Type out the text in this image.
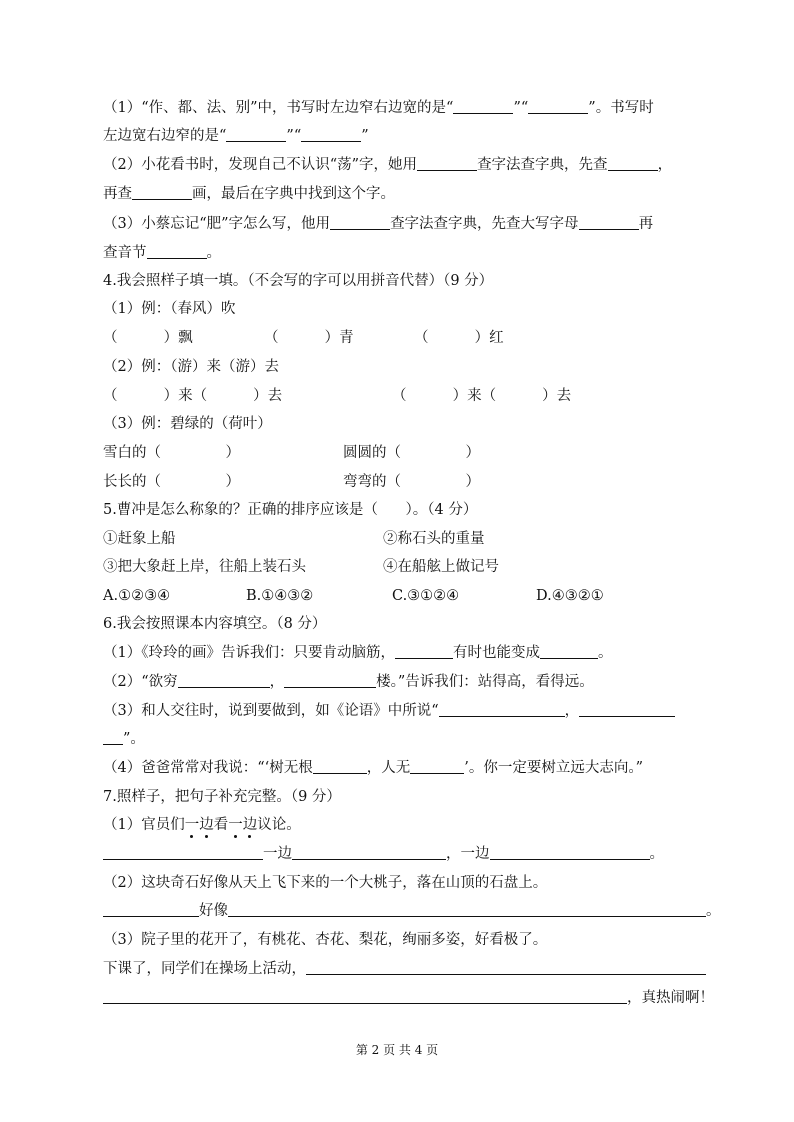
（1）“作、都、法、别”中，书写时左边窄右边宽的是“	”“	”。书写时
左边宽右边窄的是“	”“	”
（2）小花看书时，发现自己不认识“荡”字，她用	查字法查字典，先查	，
再查	画，最后在字典中找到这个字。
（3）小蔡忘记“肥”字怎么写，他用	查字法查字典，先查大写字母	再
查音节	。
4.我会照样子填一填。（不会写的字可以用拼音代替）（9 分）
（1）例：（春风）吹
（          ）飘	（          ）青	（          ）红
（2）例：（游）来（游）去
（          ）来（          ）去	（          ）来（          ）去
（3）例：碧绿的（荷叶）
雪白的（              ）	圆圆的（              ）
长长的（              ）	弯弯的（              ）
5.曹冲是怎么称象的？正确的排序应该是（      ）。（4 分）
①赶象上船	②称石头的重量
③把大象赶上岸，往船上装石头	④在船舷上做记号
A.①②③④	B.①④③②	C.③①②④	D.④③②①
6.我会按照课本内容填空。（8 分）
（1）《玲玲的画》告诉我们：只要肯动脑筋，	有时也能变成	。
（2）“欲穷	，	楼。”告诉我们：站得高，看得远。
（3）和人交往时，说到要做到，如《论语》中所说“	，
”。
（4）爸爸常常对我说：“‘树无根	，人无	’。你一定要树立远大志向。”
7.照样子，把句子补充完整。（9 分）
（1）官员们一边看一边议论。
一边	，一边	。
（2）这块奇石好像从天上飞下来的一个大桃子，落在山顶的石盘上。
好像	。
（3）院子里的花开了，有桃花、杏花、梨花，绚丽多姿，好看极了。
下课了，同学们在操场上活动，
，真热闹啊！
第 2 页 共 4 页
